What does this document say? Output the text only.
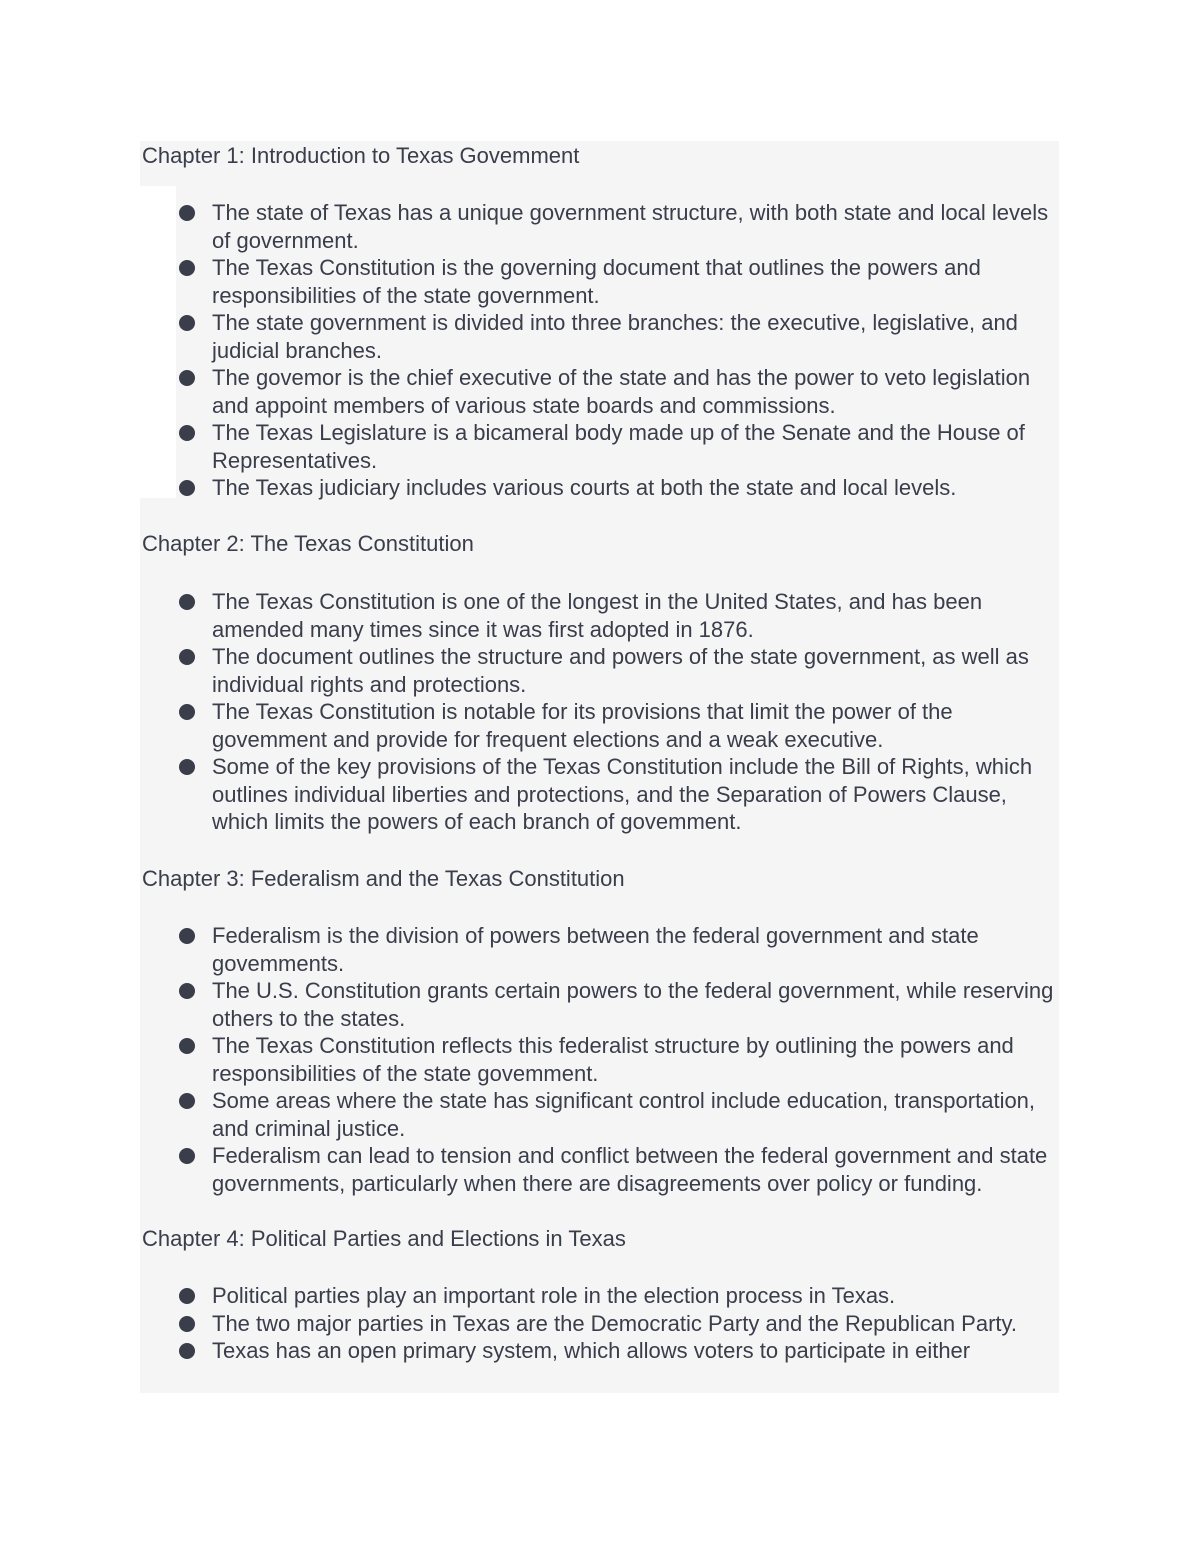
Chapter 1: Introduction to Texas Govemment
The state of Texas has a unique government structure, with both state and local levels of government.
The Texas Constitution is the governing document that outlines the powers and responsibilities of the state government.
The state government is divided into three branches: the executive, legislative, and judicial branches.
The govemor is the chief executive of the state and has the power to veto legislation and appoint members of various state boards and commissions.
The Texas Legislature is a bicameral body made up of the Senate and the House of Representatives.
The Texas judiciary includes various courts at both the state and local levels.
Chapter 2: The Texas Constitution
The Texas Constitution is one of the longest in the United States, and has been amended many times since it was first adopted in 1876.
The document outlines the structure and powers of the state government, as well as individual rights and protections.
The Texas Constitution is notable for its provisions that limit the power of the govemment and provide for frequent elections and a weak executive.
Some of the key provisions of the Texas Constitution include the Bill of Rights, which outlines individual liberties and protections, and the Separation of Powers Clause, which limits the powers of each branch of govemment.
Chapter 3: Federalism and the Texas Constitution
Federalism is the division of powers between the federal government and state govemments.
The U.S. Constitution grants certain powers to the federal government, while reserving others to the states.
The Texas Constitution reflects this federalist structure by outlining the powers and responsibilities of the state govemment.
Some areas where the state has significant control include education, transportation, and criminal justice.
Federalism can lead to tension and conflict between the federal government and state governments, particularly when there are disagreements over policy or funding.
Chapter 4: Political Parties and Elections in Texas
Political parties play an important role in the election process in Texas.
The two major parties in Texas are the Democratic Party and the Republican Party.
Texas has an open primary system, which allows voters to participate in either
